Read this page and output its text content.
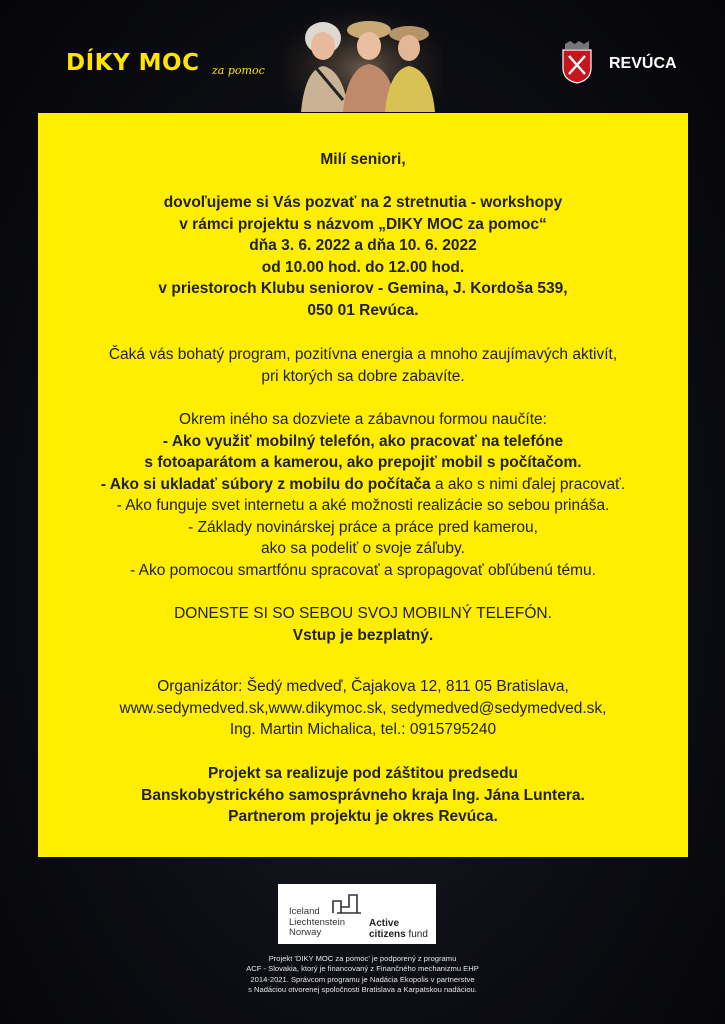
DÍKY MOC za pomoc	REVÚCA
Milí seniori,
dovoľujeme si Vás pozvať na 2 stretnutia - workshopy
v rámci projektu s názvom „DIKY MOC za pomoc“
dňa 3. 6. 2022 a dňa 10. 6. 2022
od 10.00 hod. do 12.00 hod.
v priestoroch Klubu seniorov - Gemina, J. Kordoša 539,
050 01 Revúca.
Čaká vás bohatý program, pozitívna energia a mnoho zaujímavých aktivít,
pri ktorých sa dobre zabavíte.
Okrem iného sa dozviete a zábavnou formou naučíte:
- Ako využiť mobilný telefón, ako pracovať na telefóne
s fotoaparátom a kamerou, ako prepojiť mobil s počítačom.
- Ako si ukladať súbory z mobilu do počítača a ako s nimi ďalej pracovať.
- Ako funguje svet internetu a aké možnosti realizácie so sebou prináša.
- Základy novinárskej práce a práce pred kamerou,
ako sa podeliť o svoje záľuby.
- Ako pomocou smartfónu spracovať a spropagovať obľúbenú tému.
DONESTE SI SO SEBOU SVOJ MOBILNÝ TELEFÓN.
Vstup je bezplatný.
Organizátor: Šedý medveď, Čajakova 12, 811 05 Bratislava,
www.sedymedved.sk,www.dikymoc.sk, sedymedved@sedymedved.sk,
Ing. Martin Michalica, tel.: 0915795240
Projekt sa realizuje pod záštitou predsedu
Banskobystrického samosprávneho kraja Ing. Jána Luntera.
Partnerom projektu je okres Revúca.
Iceland
Liechtenstein
Norway
Active
citizens fund
Projekt 'DIKY MOC za pomoc' je podporený z programu
ACF - Slovakia, ktorý je financovaný z Finančného mechanizmu EHP
2014-2021. Správcom programu je Nadácia Ekopolis v partnerstve
s Nadáciou otvorenej spoločnosti Bratislava a Karpatskou nadáciou.
